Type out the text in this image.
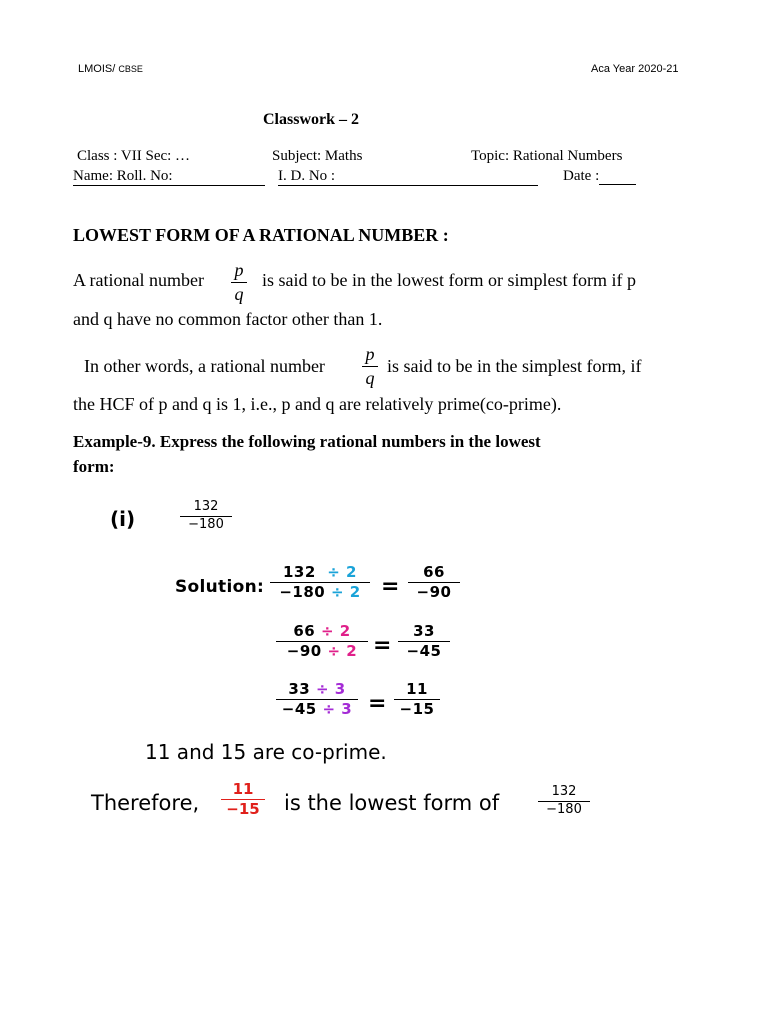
LMOIS/ CBSE	Aca Year 2020-21
Classwork – 2
Class : VII Sec: …	Subject: Maths	Topic: Rational Numbers
Name: Roll. No:	I. D. No :	Date :
LOWEST FORM OF A RATIONAL NUMBER :
A rational number p
q
is said to be in the lowest form or simplest form if p
and q have no common factor other than 1.
In other words, a rational number
p
q
is said to be in the simplest form, if
the HCF of p and q is 1, i.e., p and q are relatively prime(co-prime).
Example-9. Express the following rational numbers in the lowest
form:
(i)
132
−180
Solution:
132 ÷ 2
−180 ÷ 2 =
66
−90
66 ÷ 2
−90 ÷ 2 =
33
−45
33 ÷ 3
−45 ÷ 3 =
11
−15
11 and 15 are co-prime.
Therefore,
11
−15 is the lowest form of	132
−180
